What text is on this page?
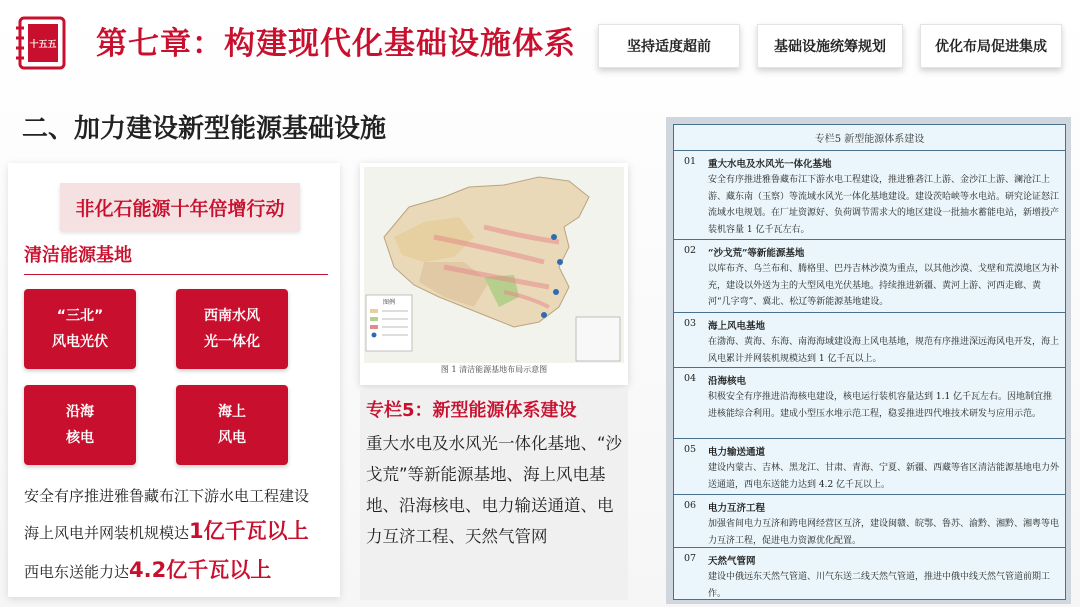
十五五 第七章：构建现代化基础设施体系	坚持适度超前	基础设施统筹规划	优化布局促进集成
二、加力建设新型能源基础设施
非化石能源十年倍增行动
清洁能源基地
“三北”
风电光伏
西南水风
光一体化
沿海
核电
海上
风电
安全有序推进雅鲁藏布江下游水电工程建设
海上风电并网装机规模达1亿千瓦以上
西电东送能力达4.2亿千瓦以上
图例
图 1 清洁能源基地布局示意图
专栏5：新型能源体系建设
重大水电及水风光一体化基地、“沙戈荒”等新能源基地、海上风电基地、沿海核电、电力输送通道、电力互济工程、天然气管网
专栏5 新型能源体系建设
01 重大水电及水风光一体化基地
安全有序推进雅鲁藏布江下游水电工程建设，推进雅砻江上游、金沙江上游、澜沧江上游、藏东南（玉察）等流域水风光一体化基地建设。建设茨哈峡等水电站。研究论证怒江流域水电规划。在厂址资源好、负荷调节需求大的地区建设一批抽水蓄能电站，新增投产装机容量 1 亿千瓦左右。
02 “沙戈荒”等新能源基地
以库布齐、乌兰布和、腾格里、巴丹吉林沙漠为重点，以其他沙漠、戈壁和荒漠地区为补充，建设以外送为主的大型风电光伏基地。持续推进新疆、黄河上游、河西走廊、黄河“几字弯”、冀北、松辽等新能源基地建设。
03 海上风电基地
在渤海、黄海、东海、南海海域建设海上风电基地，规范有序推进深远海风电开发，海上风电累计并网装机规模达到 1 亿千瓦以上。
04 沿海核电
积极安全有序推进沿海核电建设，核电运行装机容量达到 1.1 亿千瓦左右。因地制宜推进核能综合利用。建成小型压水堆示范工程，稳妥推进四代堆技术研发与应用示范。
05 电力输送通道
建设内蒙古、吉林、黑龙江、甘肃、青海、宁夏、新疆、西藏等省区清洁能源基地电力外送通道，西电东送能力达到 4.2 亿千瓦以上。
06 电力互济工程
加强省间电力互济和跨电网经营区互济，建设闽赣、皖鄂、鲁苏、渝黔、湘黔、湘粤等电力互济工程，促进电力资源优化配置。
07 天然气管网
建设中俄远东天然气管道、川气东送二线天然气管道，推进中俄中线天然气管道前期工作。
